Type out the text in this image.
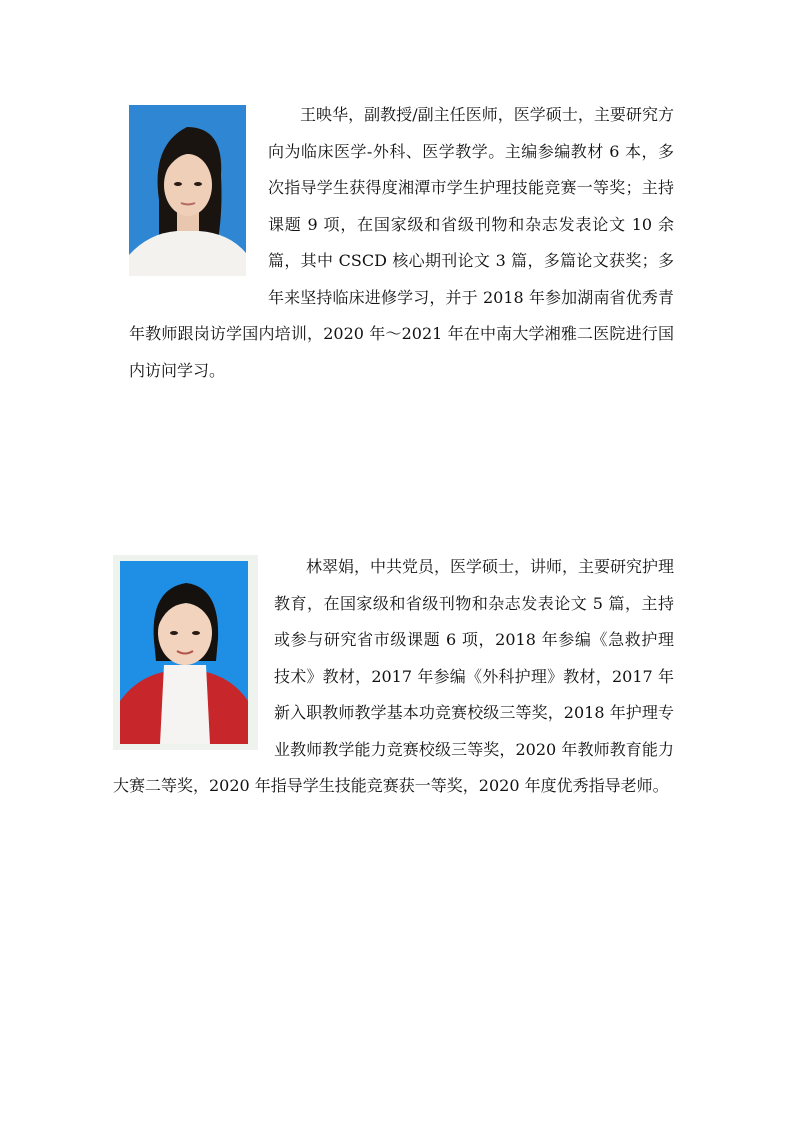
王映华，副教授/副主任医师，医学硕士，主要研究方向为临床医学-外科、医学教学。主编参编教材 6 本，多次指导学生获得度湘潭市学生护理技能竞赛一等奖；主持课题 9 项，在国家级和省级刊物和杂志发表论文 10 余篇，其中 CSCD 核心期刊论文 3 篇，多篇论文获奖；多年来坚持临床进修学习，并于 2018 年参加湖南省优秀青年教师跟岗访学国内培训，2020 年～2021 年在中南大学湘雅二医院进行国内访问学习。
林翠娟，中共党员，医学硕士，讲师，主要研究护理教育，在国家级和省级刊物和杂志发表论文 5 篇，主持或参与研究省市级课题 6 项，2018 年参编《急救护理技术》教材，2017 年参编《外科护理》教材，2017 年新入职教师教学基本功竞赛校级三等奖，2018 年护理专业教师教学能力竞赛校级三等奖，2020 年教师教育能力大赛二等奖，2020 年指导学生技能竞赛获一等奖，2020 年度优秀指导老师。
